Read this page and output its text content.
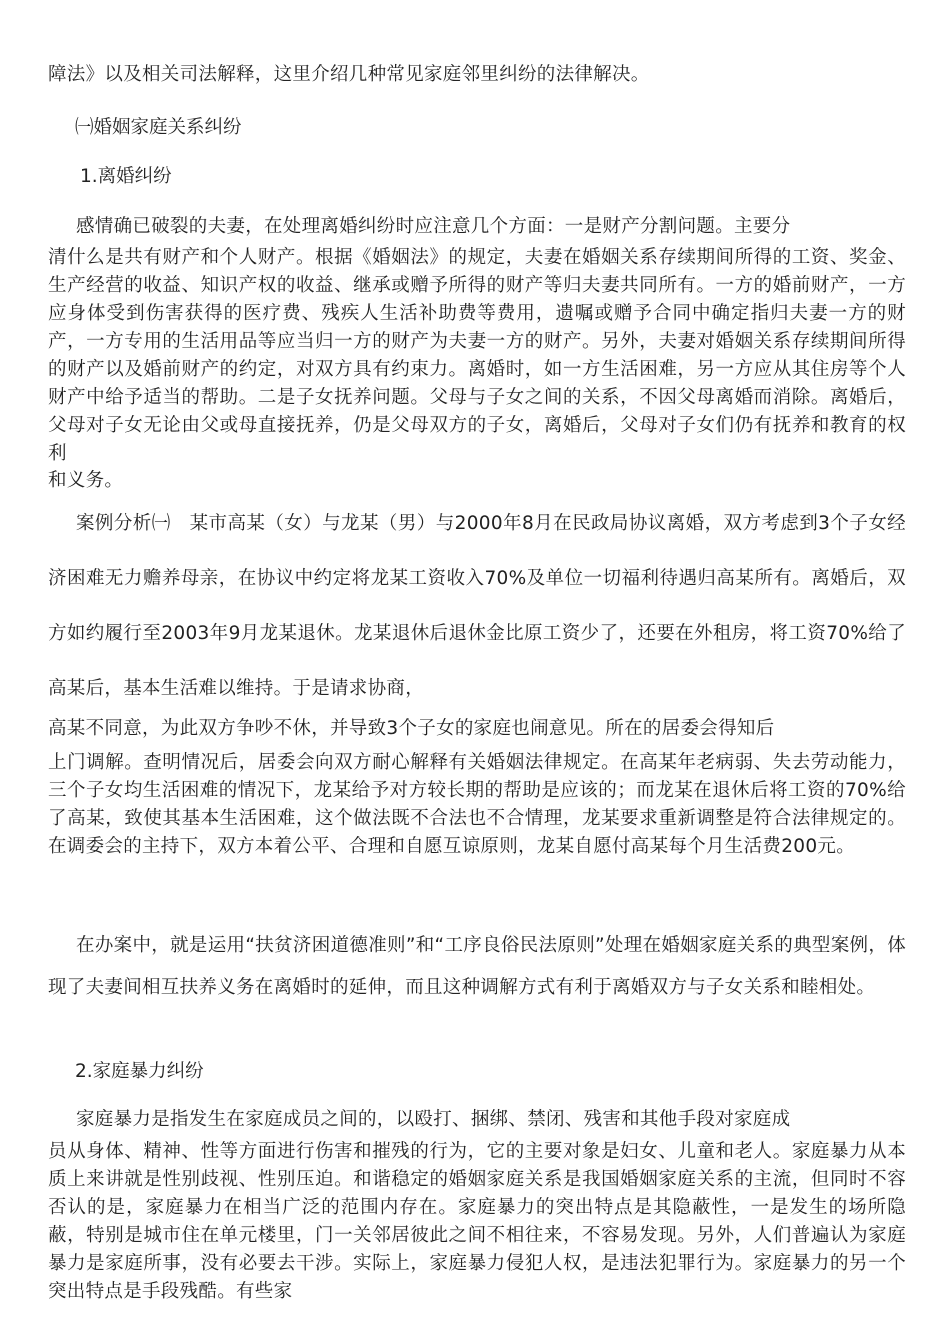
障法》以及相关司法解释，这里介绍几种常见家庭邻里纠纷的法律解决。

㈠婚姻家庭关系纠纷

1.离婚纠纷

感情确已破裂的夫妻，在处理离婚纠纷时应注意几个方面：一是财产分割问题。主要分

清什么是共有财产和个人财产。根据《婚姻法》的规定，夫妻在婚姻关系存续期间所得的工资、奖金、生产经营的收益、知识产权的收益、继承或赠予所得的财产等归夫妻共同所有。一方的婚前财产，一方应身体受到伤害获得的医疗费、残疾人生活补助费等费用，遗嘱或赠予合同中确定指归夫妻一方的财产，一方专用的生活用品等应当归一方的财产为夫妻一方的财产。另外，夫妻对婚姻关系存续期间所得的财产以及婚前财产的约定，对双方具有约束力。离婚时，如一方生活困难，另一方应从其住房等个人财产中给予适当的帮助。二是子女抚养问题。父母与子女之间的关系，不因父母离婚而消除。离婚后，父母对子女无论由父或母直接抚养，仍是父母双方的子女，离婚后，父母对子女们仍有抚养和教育的权利

和义务。

案例分析㈠　某市高某（女）与龙某（男）与2000年8月在民政局协议离婚，双方考虑到3个子女经济困难无力赡养母亲，在协议中约定将龙某工资收入70%及单位一切福利待遇归高某所有。离婚后，双方如约履行至2003年9月龙某退休。龙某退休后退休金比原工资少了，还要在外租房，将工资70%给了高某后，基本生活难以维持。于是请求协商，

高某不同意，为此双方争吵不休，并导致3个子女的家庭也闹意见。所在的居委会得知后

上门调解。查明情况后，居委会向双方耐心解释有关婚姻法律规定。在高某年老病弱、失去劳动能力，三个子女均生活困难的情况下，龙某给予对方较长期的帮助是应该的；而龙某在退休后将工资的70%给了高某，致使其基本生活困难，这个做法既不合法也不合情理，龙某要求重新调整是符合法律规定的。在调委会的主持下，双方本着公平、合理和自愿互谅原则，龙某自愿付高某每个月生活费200元。

在办案中，就是运用“扶贫济困道德准则”和“工序良俗民法原则”处理在婚姻家庭关系的典型案例，体现了夫妻间相互扶养义务在离婚时的延伸，而且这种调解方式有利于离婚双方与子女关系和睦相处。

2.家庭暴力纠纷

家庭暴力是指发生在家庭成员之间的，以殴打、捆绑、禁闭、残害和其他手段对家庭成

员从身体、精神、性等方面进行伤害和摧残的行为，它的主要对象是妇女、儿童和老人。家庭暴力从本质上来讲就是性别歧视、性别压迫。和谐稳定的婚姻家庭关系是我国婚姻家庭关系的主流，但同时不容否认的是，家庭暴力在相当广泛的范围内存在。家庭暴力的突出特点是其隐蔽性，一是发生的场所隐蔽，特别是城市住在单元楼里，门一关邻居彼此之间不相往来，不容易发现。另外，人们普遍认为家庭暴力是家庭所事，没有必要去干涉。实际上，家庭暴力侵犯人权，是违法犯罪行为。家庭暴力的另一个突出特点是手段残酷。有些家
